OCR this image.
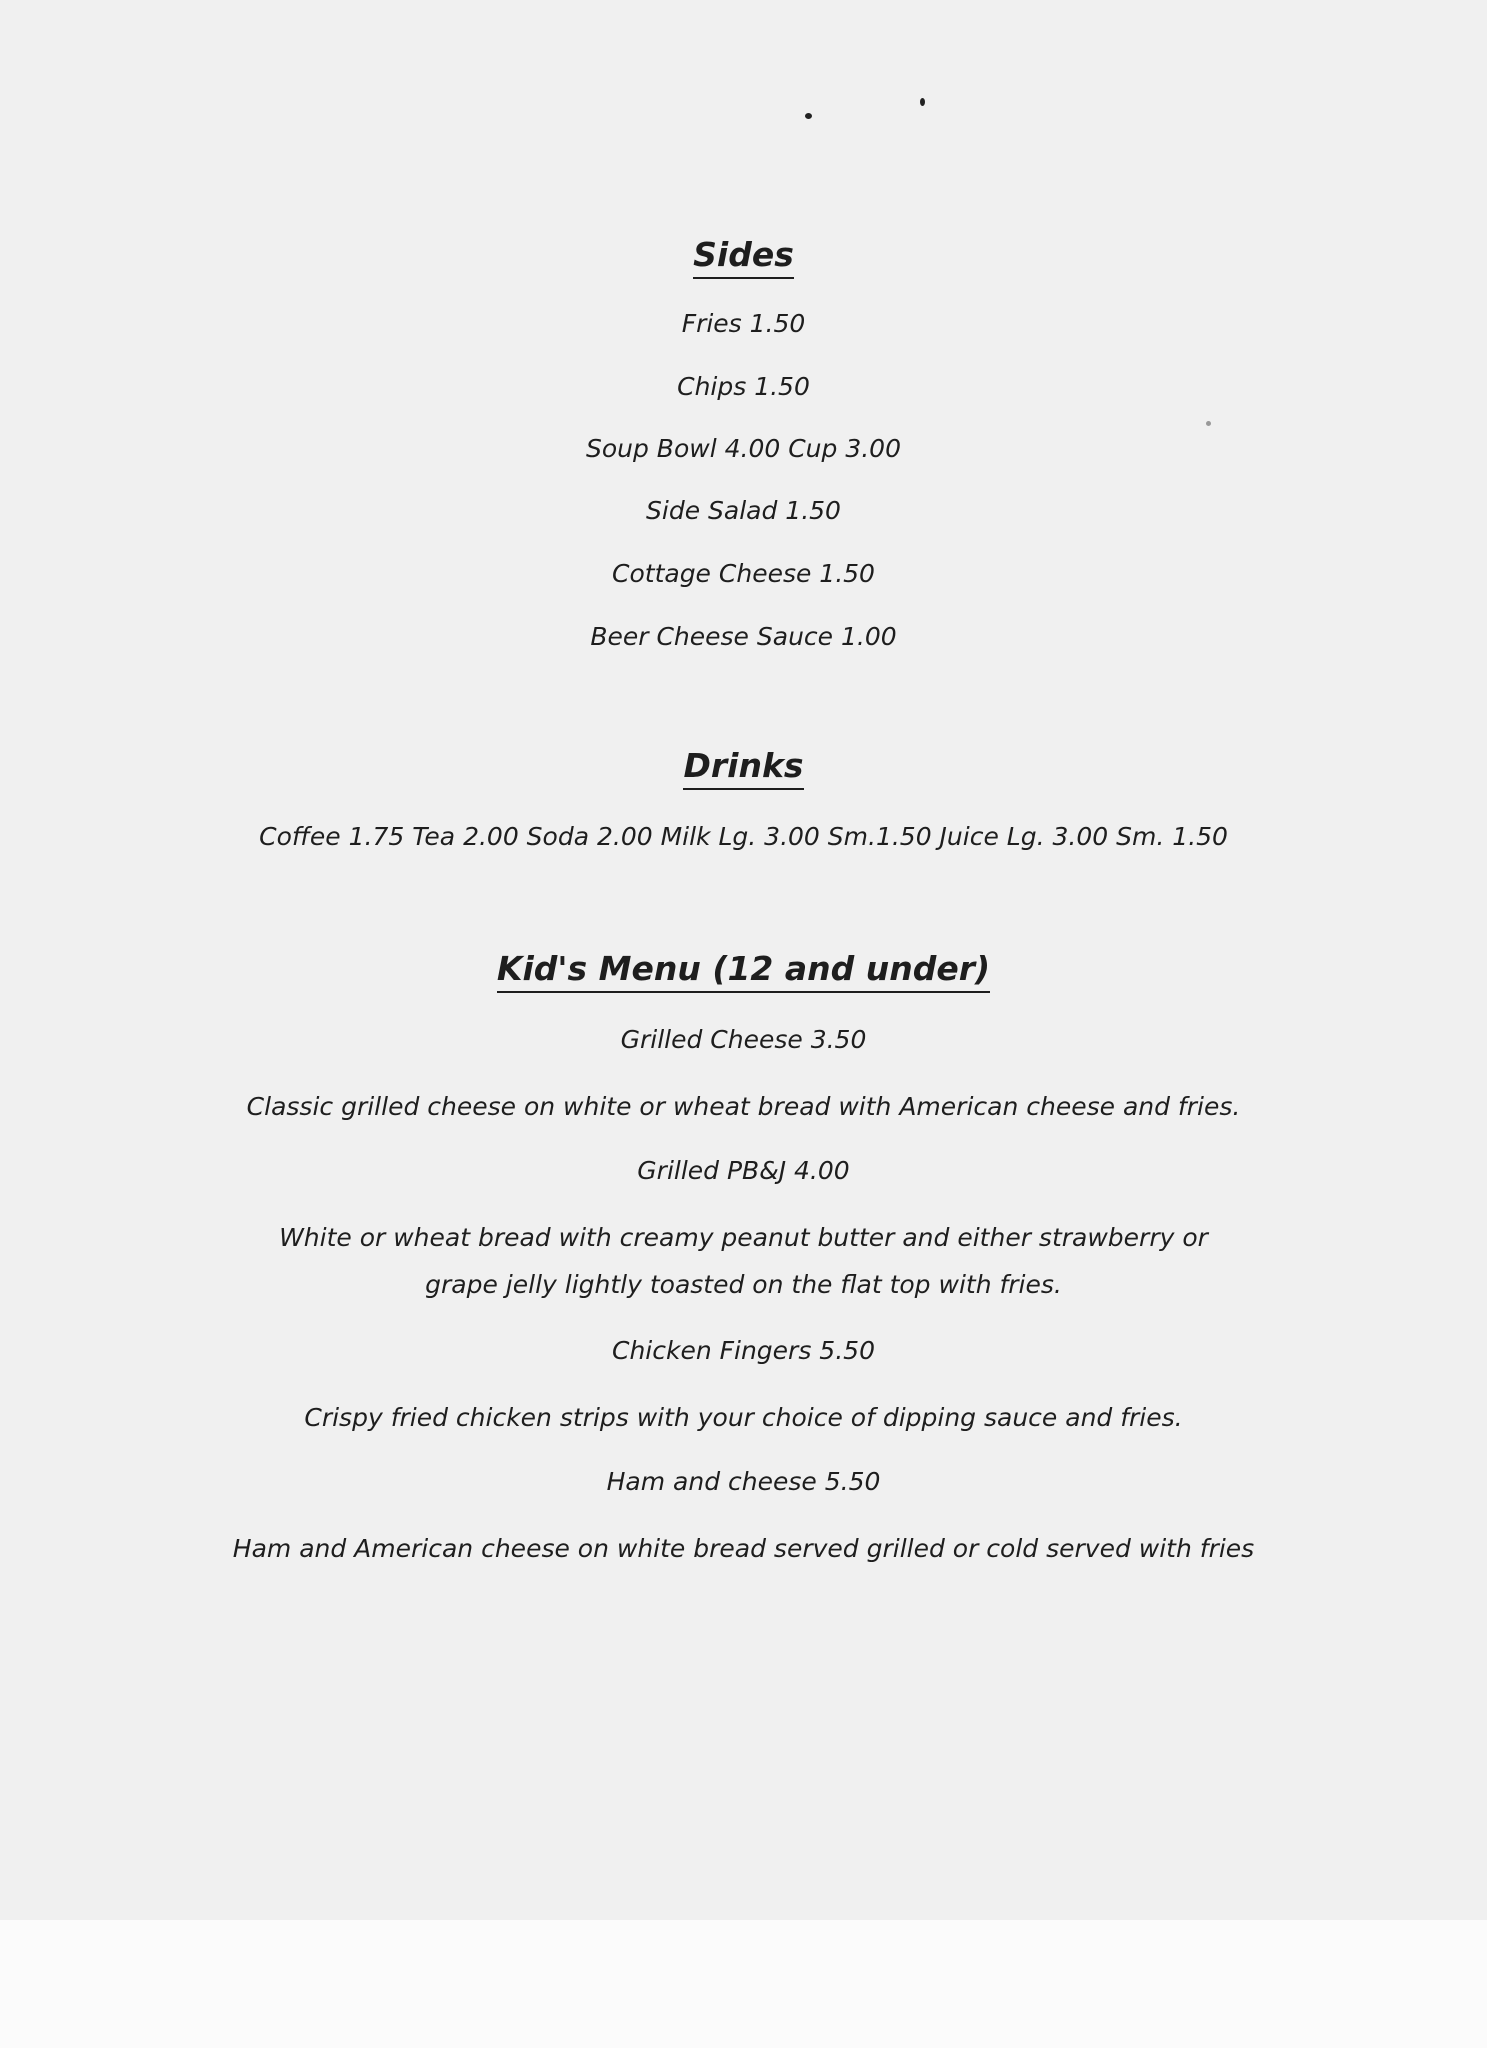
Sides
Fries 1.50
Chips 1.50
Soup Bowl 4.00 Cup 3.00
Side Salad 1.50
Cottage Cheese 1.50
Beer Cheese Sauce 1.00
Drinks
Coffee 1.75 Tea 2.00 Soda 2.00 Milk Lg. 3.00 Sm.1.50 Juice Lg. 3.00 Sm. 1.50
Kid's Menu (12 and under)
Grilled Cheese 3.50
Classic grilled cheese on white or wheat bread with American cheese and fries.
Grilled PB&J 4.00
White or wheat bread with creamy peanut butter and either strawberry or
grape jelly lightly toasted on the flat top with fries.
Chicken Fingers 5.50
Crispy fried chicken strips with your choice of dipping sauce and fries.
Ham and cheese 5.50
Ham and American cheese on white bread served grilled or cold served with fries
